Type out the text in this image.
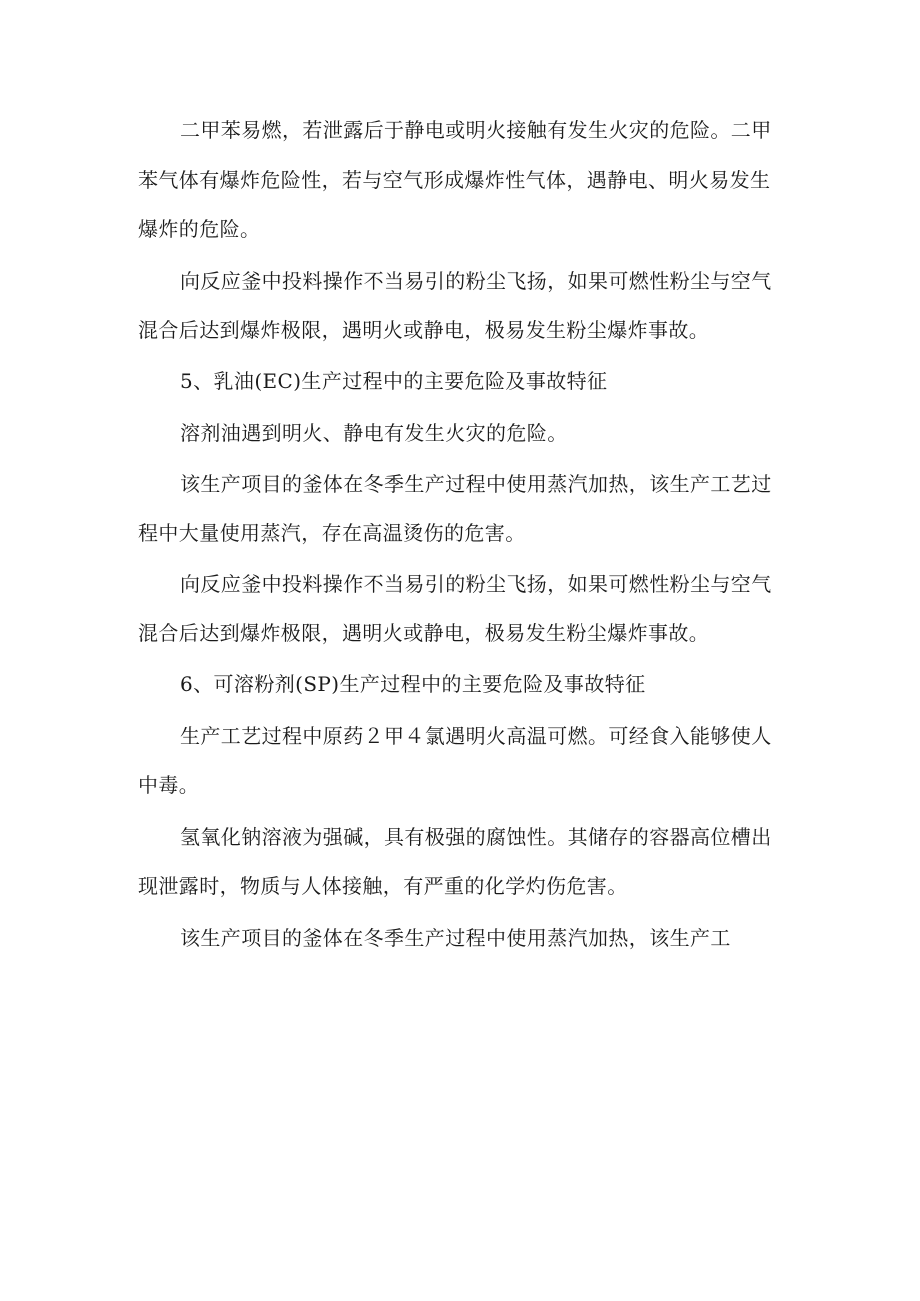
二甲苯易燃，若泄露后于静电或明火接触有发生火灾的危险。二甲
苯气体有爆炸危险性，若与空气形成爆炸性气体，遇静电、明火易发生
爆炸的危险。
向反应釜中投料操作不当易引的粉尘飞扬，如果可燃性粉尘与空气
混合后达到爆炸极限，遇明火或静电，极易发生粉尘爆炸事故。
5、乳油(EC)生产过程中的主要危险及事故特征
溶剂油遇到明火、静电有发生火灾的危险。
该生产项目的釜体在冬季生产过程中使用蒸汽加热，该生产工艺过
程中大量使用蒸汽，存在高温烫伤的危害。
向反应釜中投料操作不当易引的粉尘飞扬，如果可燃性粉尘与空气
混合后达到爆炸极限，遇明火或静电，极易发生粉尘爆炸事故。
6、可溶粉剂(SP)生产过程中的主要危险及事故特征
生产工艺过程中原药２甲４氯遇明火高温可燃。可经食入能够使人
中毒。
氢氧化钠溶液为强碱，具有极强的腐蚀性。其储存的容器高位槽出
现泄露时，物质与人体接触，有严重的化学灼伤危害。
该生产项目的釜体在冬季生产过程中使用蒸汽加热，该生产工
